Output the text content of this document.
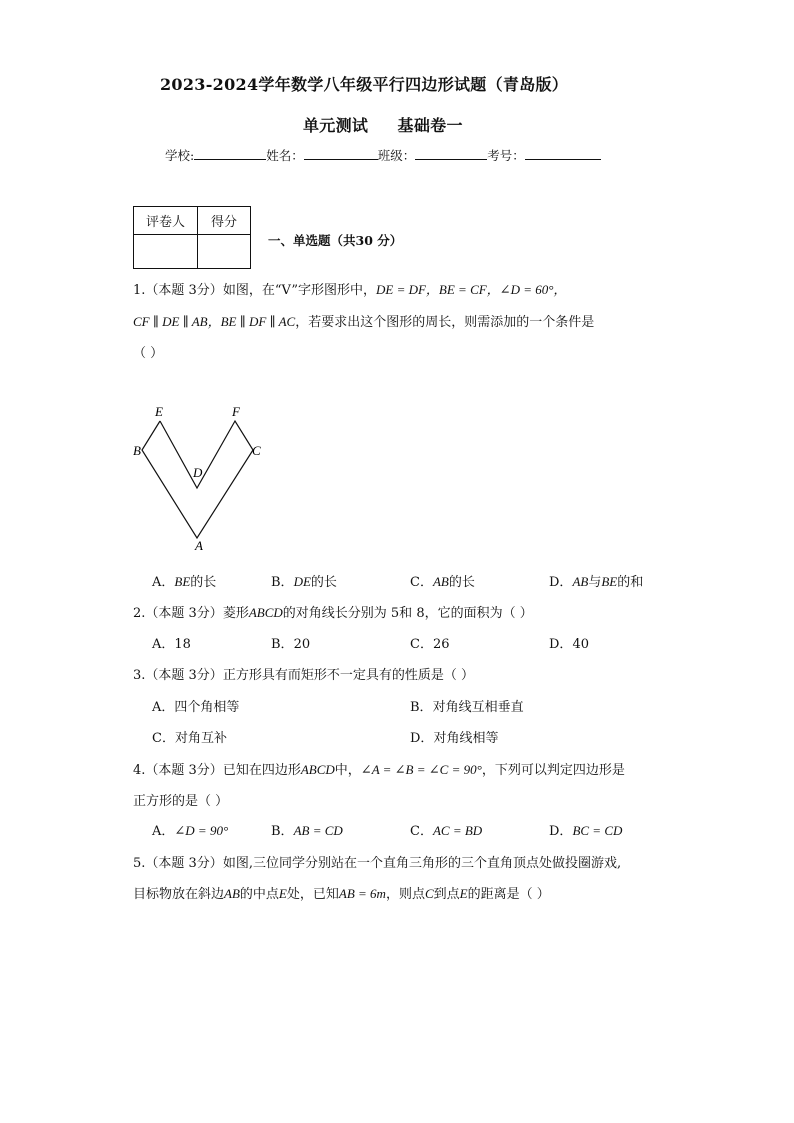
2023-2024学年数学八年级平行四边形试题（青岛版）
单元测试     基础卷一
学校:	姓名：	班级：	考号：
评卷人	得分

一、单选题（共30 分）
1.（本题 3分）如图，在“V”字形图形中，DE = DF，BE = CF，∠D = 60°，
CF ∥ DE ∥ AB，BE ∥ DF ∥ AC，若要求出这个图形的周长，则需添加的一个条件是
（ ）
E	F
B	C
D
A
A．BE的长	B．DE的长	C．AB的长	D．AB与BE的和
2.（本题 3分）菱形ABCD的对角线长分别为 5和 8，它的面积为（ ）
A．18	B．20	C．26	D．40
3.（本题 3分）正方形具有而矩形不一定具有的性质是（ ）
A．四个角相等	B．对角线互相垂直
C．对角互补	D．对角线相等
4.（本题 3分）已知在四边形ABCD中，∠A = ∠B = ∠C = 90°，下列可以判定四边形是
正方形的是（ ）
A．∠D = 90°	B．AB = CD	C．AC = BD	D．BC = CD
5.（本题 3分）如图,三位同学分别站在一个直角三角形的三个直角顶点处做投圈游戏,
目标物放在斜边AB的中点E处，已知AB = 6m，则点C到点E的距离是（ ）
